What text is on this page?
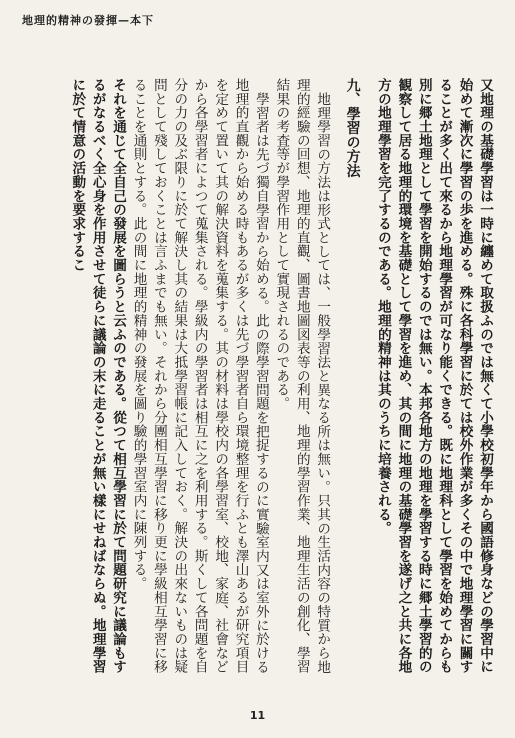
地理的精神の發揮—本下

又地理の基礎學習は一時に纏めて取扱ふのでは無くて小學校初學年から國語修身などの學習中に始めて漸次に學習の歩を進める。殊に各科學習に於ては校外作業が多くその中で地理學習に關することが多く出て來るから地理學習が可なり能くできる。既に地理科として學習を始めてからも別に郷土地理として學習を開始するのでは無い。本邦各地方の地理を學習する時に郷土學習的の観察して居る地理的環境を基礎として學習を進め、其の間に地理の基礎學習を遂げ之と共に各地方の地理學習を完了するのである。地理的精神は其のうちに培養される。

九、學習の方法

地理學習の方法は形式としては、一般學習法と異なる所は無い。只其の生活内容の特質から地理的經驗の回想、地理的直觀、圖書地圖図表等の利用、地理的學習作業、地理生活の創化、學習結果の考査等が學習作用として實現されるのである。

學習者は先づ獨自學習から始める。此の際學習問題を把捉するのに實驗室内又は室外に於ける地理的直觀から始める時もあるが多くは先づ學習者自ら環境整理を行ふとも澤山あるが研究項目を定めて置いて其の解決資料を蒐集する。其の材料は學校内の各學習室、校地、家庭、社會などから各學習者によつて蒐集される。學級内の學習者は相互に之を利用する。斯くして各問題を自分の力の及ぶ限りに於て解決し其の結果は大抵學習帳に記入しておく。解決の出來ないものは疑問として殘しておくことは言ふまでも無い。それから分團相互學習に移り更に學級相互學習に移ることを通則とする。此の間に地理的精神の發展を圖り驗的學習室内に陳列する。

それを通じて全自己の發展を圖らうと云ふのである。從つて相互學習に於て問題研究に議論もするがなるべく全心身を作用させて徒らに議論の末に走ることが無い樣にせねばならぬ。地理學習に於て情意の活動を要求するこ

11
